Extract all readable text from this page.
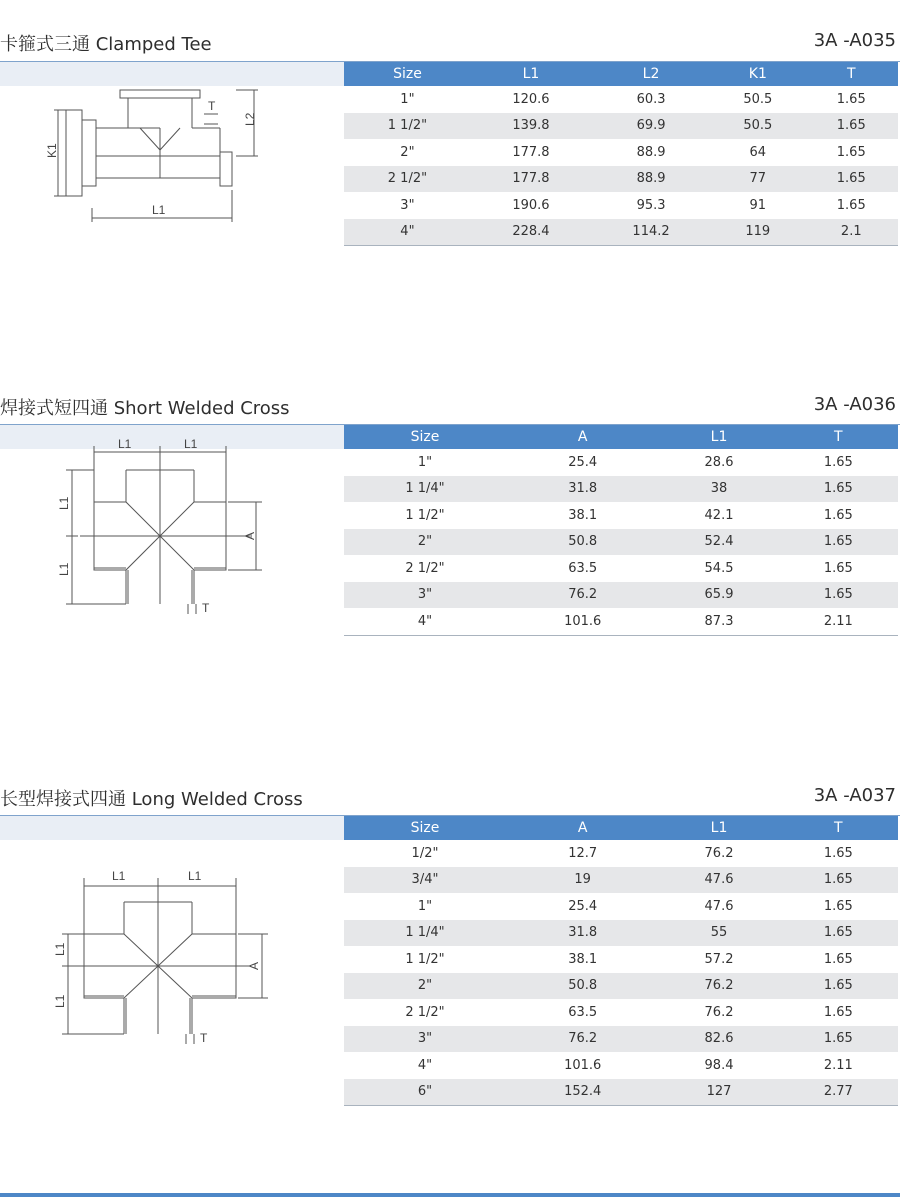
卡箍式三通 Clamped Tee	3A -A035
K1
L1
L2
T
Size	L1	L2	K1	T
1"	120.6	60.3	50.5	1.65
1 1/2"	139.8	69.9	50.5	1.65
2"	177.8	88.9	64	1.65
2 1/2"	177.8	88.9	77	1.65
3"	190.6	95.3	91	1.65
4"	228.4	114.2	119	2.1
焊接式短四通 Short Welded Cross	3A -A036
L1	L1
L1
L1
A
T
Size	A	L1	T
1"	25.4	28.6	1.65
1 1/4"	31.8	38	1.65
1 1/2"	38.1	42.1	1.65
2"	50.8	52.4	1.65
2 1/2"	63.5	54.5	1.65
3"	76.2	65.9	1.65
4"	101.6	87.3	2.11
长型焊接式四通 Long Welded Cross	3A -A037
L1	L1
L1
L1
A
T
Size	A	L1	T
1/2"	12.7	76.2	1.65
3/4"	19	47.6	1.65
1"	25.4	47.6	1.65
1 1/4"	31.8	55	1.65
1 1/2"	38.1	57.2	1.65
2"	50.8	76.2	1.65
2 1/2"	63.5	76.2	1.65
3"	76.2	82.6	1.65
4"	101.6	98.4	2.11
6"	152.4	127	2.77
